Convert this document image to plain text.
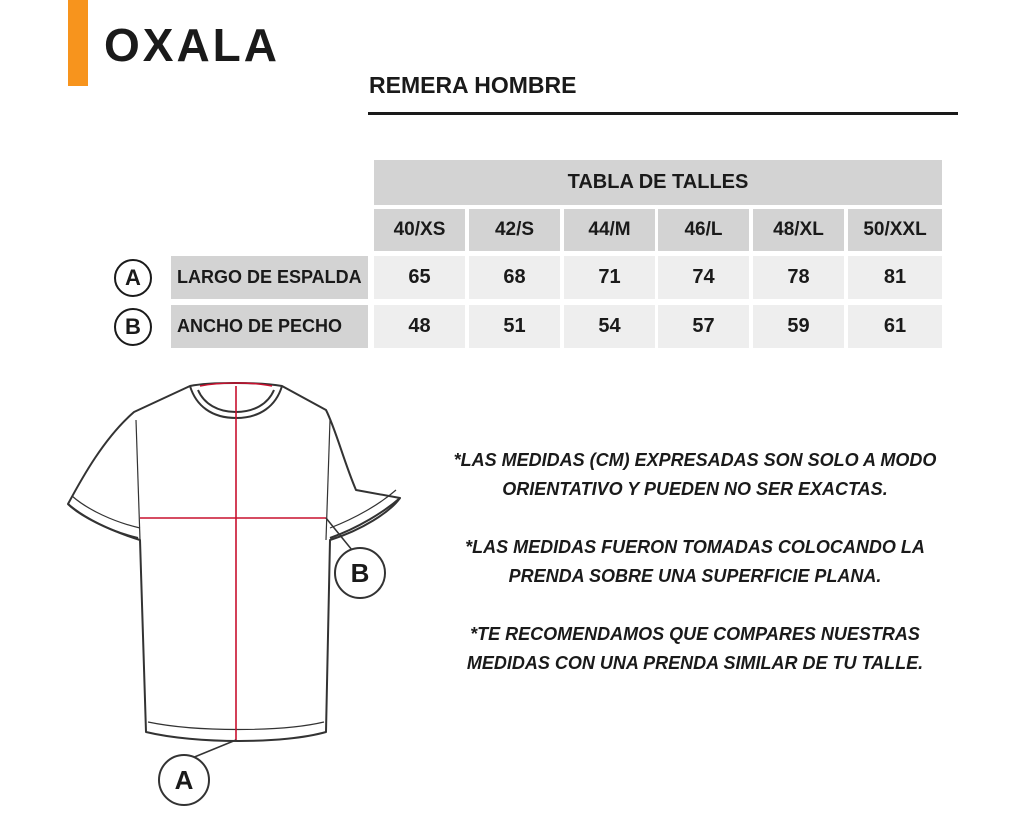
OXALA
REMERA HOMBRE
TABLA DE TALLES
40/XS	42/S	44/M	46/L	48/XL	50/XXL
A	LARGO DE ESPALDA	65	68	71	74	78	81
B	ANCHO DE PECHO	48	51	54	57	59	61
B
A

*LAS MEDIDAS (CM) EXPRESADAS SON SOLO A MODO ORIENTATIVO Y PUEDEN NO SER EXACTAS.

*LAS MEDIDAS FUERON TOMADAS COLOCANDO LA PRENDA SOBRE UNA SUPERFICIE PLANA.

*TE RECOMENDAMOS QUE COMPARES NUESTRAS MEDIDAS CON UNA PRENDA SIMILAR DE TU TALLE.
